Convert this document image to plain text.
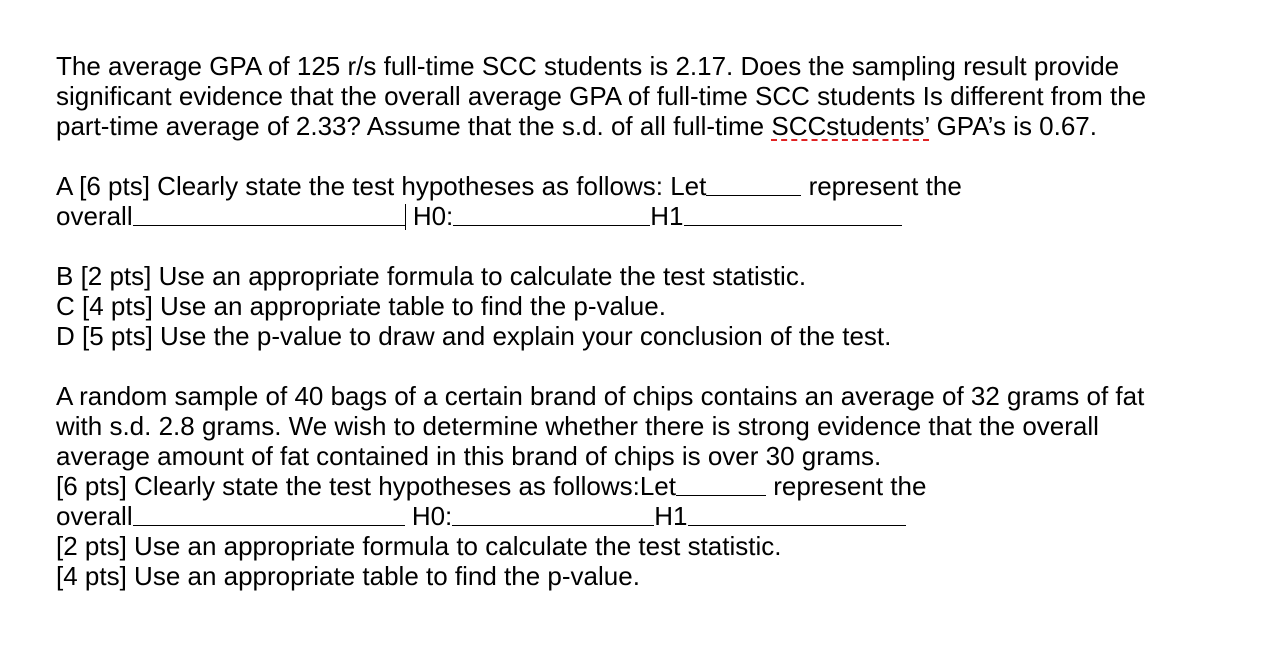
The average GPA of 125 r/s full-time SCC students is 2.17. Does the sampling result provide
significant evidence that the overall average GPA of full-time SCC students Is different from the
part-time average of 2.33? Assume that the s.d. of all full-time SCCstudents’ GPA’s is 0.67.
A [6 pts] Clearly state the test hypotheses as follows: Let	represent the
overall	H0:	H1
B [2 pts] Use an appropriate formula to calculate the test statistic.
C [4 pts] Use an appropriate table to find the p-value.
D [5 pts] Use the p-value to draw and explain your conclusion of the test.
A random sample of 40 bags of a certain brand of chips contains an average of 32 grams of fat
with s.d. 2.8 grams. We wish to determine whether there is strong evidence that the overall
average amount of fat contained in this brand of chips is over 30 grams.
[6 pts] Clearly state the test hypotheses as follows:Let	represent the
overall	H0:	H1
[2 pts] Use an appropriate formula to calculate the test statistic.
[4 pts] Use an appropriate table to find the p-value.
